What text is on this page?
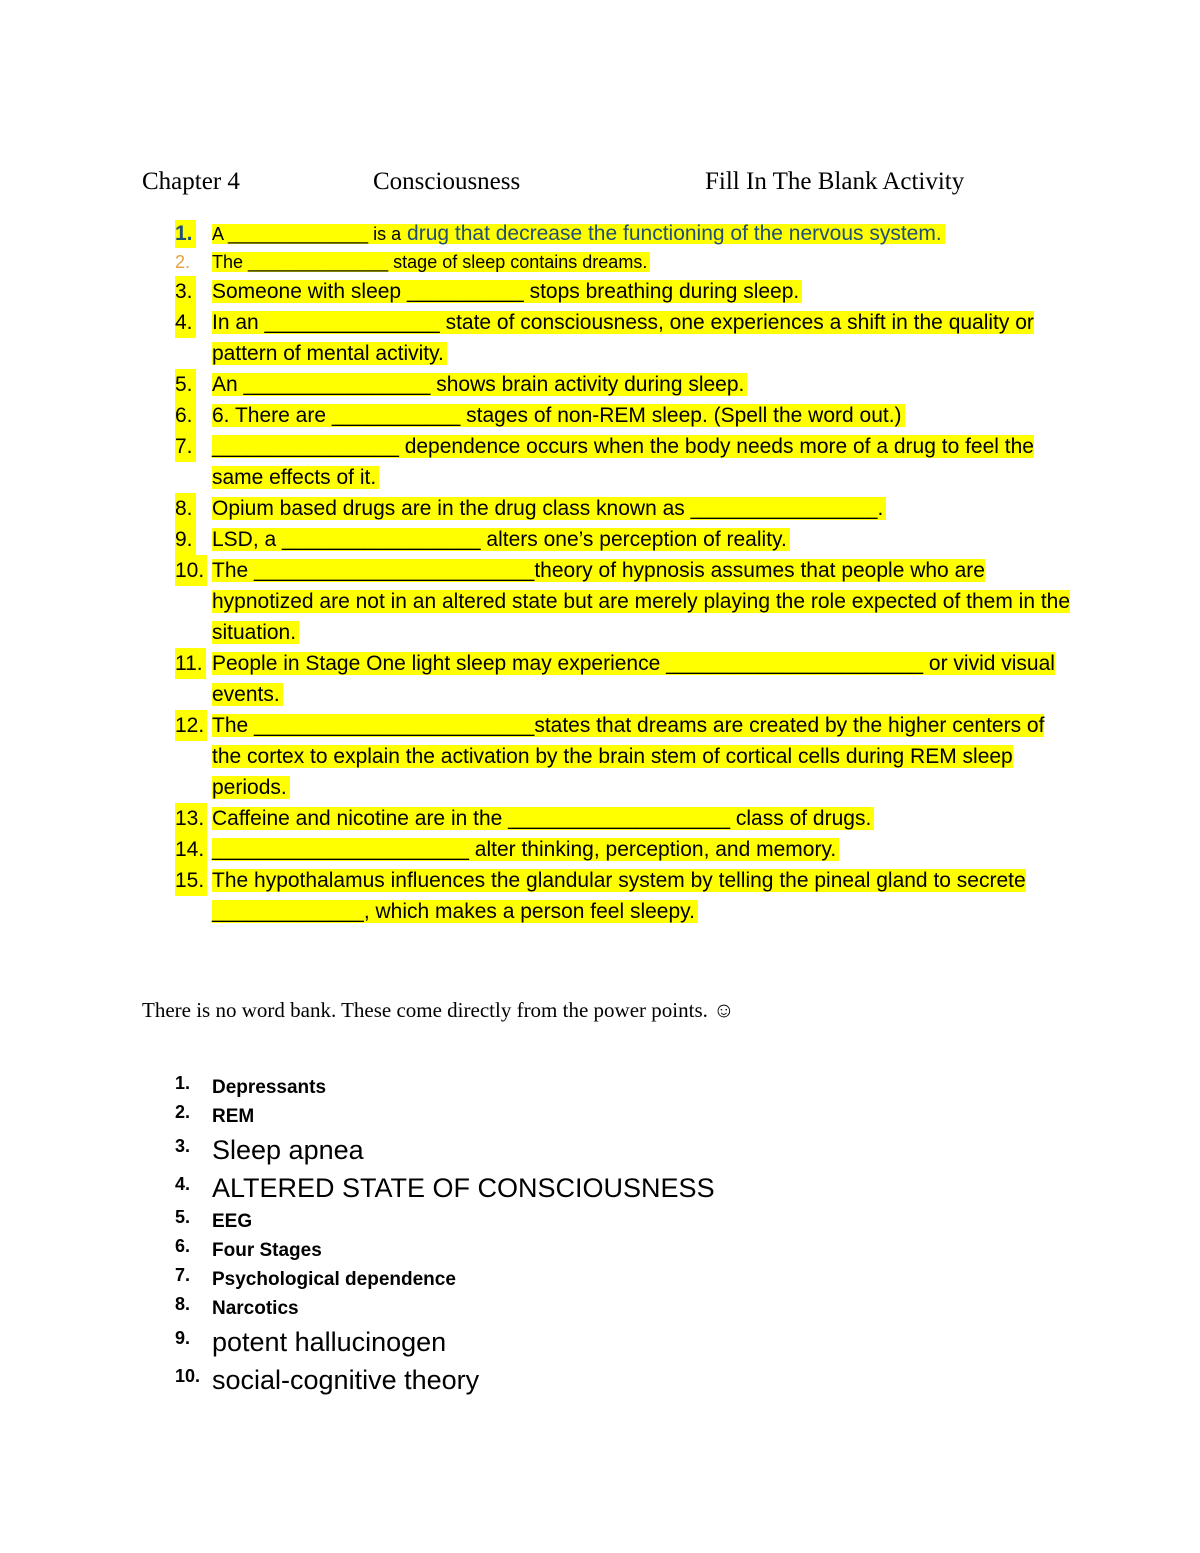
Chapter 4	Consciousness	Fill In The Blank Activity
1. A ______________ is a drug that decrease the functioning of the nervous system.
2. The ______________ stage of sleep contains dreams.
3. Someone with sleep __________ stops breathing during sleep.
4. In an _______________ state of consciousness, one experiences a shift in the quality or pattern of mental activity.
5. An ________________ shows brain activity during sleep.
6. 6. There are ___________ stages of non-REM sleep. (Spell the word out.)
7. ________________ dependence occurs when the body needs more of a drug to feel the same effects of it.
8. Opium based drugs are in the drug class known as ________________.
9. LSD, a _________________ alters one’s perception of reality.
10. The ________________________theory of hypnosis assumes that people who are hypnotized are not in an altered state but are merely playing the role expected of them in the situation.
11. People in Stage One light sleep may experience ______________________ or vivid visual events.
12. The ________________________states that dreams are created by the higher centers of the cortex to explain the activation by the brain stem of cortical cells during REM sleep periods.
13. Caffeine and nicotine are in the ___________________ class of drugs.
14. ______________________ alter thinking, perception, and memory.
15. The hypothalamus influences the glandular system by telling the pineal gland to secrete _____________, which makes a person feel sleepy.
There is no word bank. These come directly from the power points. ☺
1. Depressants
2. REM
3. Sleep apnea
4. ALTERED STATE OF CONSCIOUSNESS
5. EEG
6. Four Stages
7. Psychological dependence
8. Narcotics
9. potent hallucinogen
10. social-cognitive theory
